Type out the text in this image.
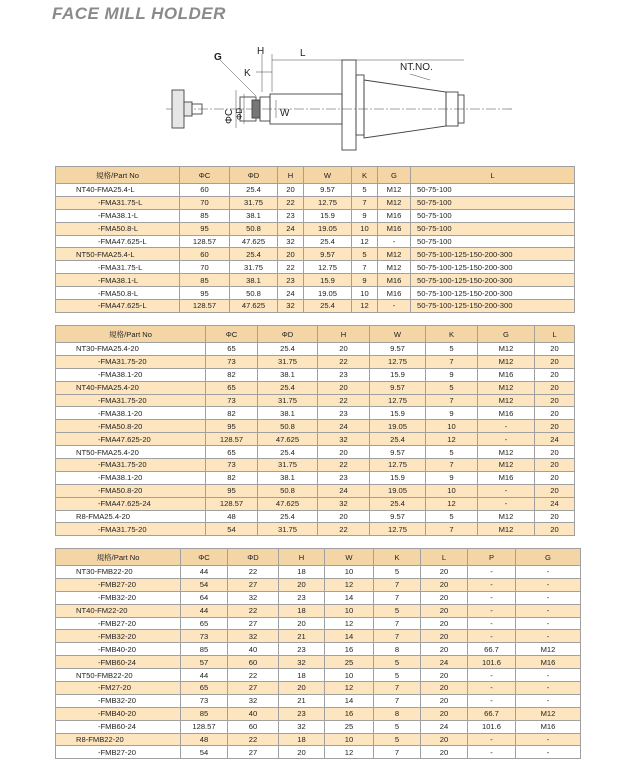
FACE MILL HOLDER
G
H	L
K
NT.NO.
W
ΦC ΦD
規格/Part No	ΦC	ΦD	H	W	K	G	L
NT40-FMA25.4-L	60	25.4	20	9.57	5	M12	50-75-100
-FMA31.75-L	70	31.75	22	12.75	7	M12	50-75-100
-FMA38.1-L	85	38.1	23	15.9	9	M16	50-75-100
-FMA50.8-L	95	50.8	24	19.05	10	M16	50-75-100
-FMA47.625-L	128.57	47.625	32	25.4	12	-	50-75-100
NT50-FMA25.4-L	60	25.4	20	9.57	5	M12	50-75-100-125-150-200-300
-FMA31.75-L	70	31.75	22	12.75	7	M12	50-75-100-125-150-200-300
-FMA38.1-L	85	38.1	23	15.9	9	M16	50-75-100-125-150-200-300
-FMA50.8-L	95	50.8	24	19.05	10	M16	50-75-100-125-150-200-300
-FMA47.625-L	128.57	47.625	32	25.4	12	-	50-75-100-125-150-200-300
規格/Part No	ΦC	ΦD	H	W	K	G	L
NT30-FMA25.4-20	65	25.4	20	9.57	5	M12	20
-FMA31.75-20	73	31.75	22	12.75	7	M12	20
-FMA38.1-20	82	38.1	23	15.9	9	M16	20
NT40-FMA25.4-20	65	25.4	20	9.57	5	M12	20
-FMA31.75-20	73	31.75	22	12.75	7	M12	20
-FMA38.1-20	82	38.1	23	15.9	9	M16	20
-FMA50.8-20	95	50.8	24	19.05	10	-	20
-FMA47.625-20	128.57	47.625	32	25.4	12	-	24
NT50-FMA25.4-20	65	25.4	20	9.57	5	M12	20
-FMA31.75-20	73	31.75	22	12.75	7	M12	20
-FMA38.1-20	82	38.1	23	15.9	9	M16	20
-FMA50.8-20	95	50.8	24	19.05	10	-	20
-FMA47.625-24	128.57	47.625	32	25.4	12	-	24
R8-FMA25.4-20	48	25.4	20	9.57	5	M12	20
-FMA31.75-20	54	31.75	22	12.75	7	M12	20
規格/Part No	ΦC	ΦD	H	W	K	L	P	G
NT30-FMB22-20	44	22	18	10	5	20	-	-
-FMB27-20	54	27	20	12	7	20	-	-
-FMB32-20	64	32	23	14	7	20	-	-
NT40-FM22-20	44	22	18	10	5	20	-	-
-FMB27-20	65	27	20	12	7	20	-	-
-FMB32-20	73	32	21	14	7	20	-	-
-FMB40-20	85	40	23	16	8	20	66.7	M12
-FMB60-24	57	60	32	25	5	24	101.6	M16
NT50-FMB22-20	44	22	18	10	5	20	-	-
-FM27-20	65	27	20	12	7	20	-	-
-FMB32-20	73	32	21	14	7	20	-	-
-FMB40-20	85	40	23	16	8	20	66.7	M12
-FMB60-24	128.57	60	32	25	5	24	101.6	M16
R8-FMB22-20	48	22	18	10	5	20	-	-
-FMB27-20	54	27	20	12	7	20	-	-
